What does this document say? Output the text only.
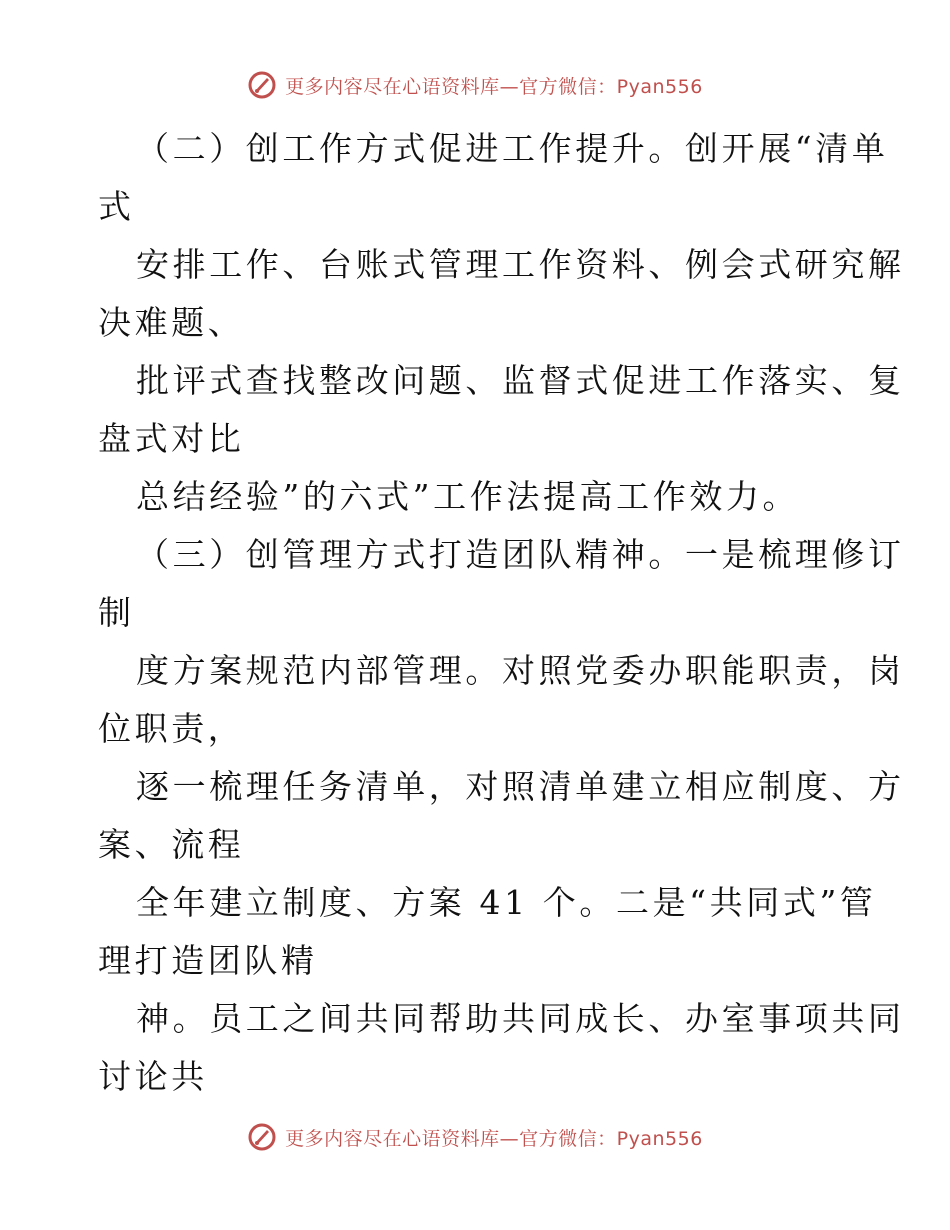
更多内容尽在心语资料库—官方微信：Pyan556
（二）创工作方式促进工作提升。创开展“清单
式
安排工作、台账式管理工作资料、例会式研究解
决难题、
批评式查找整改问题、监督式促进工作落实、复
盘式对比
总结经验”的六式”工作法提高工作效力。
（三）创管理方式打造团队精神。一是梳理修订
制
度方案规范内部管理。对照党委办职能职责，岗
位职责，
逐一梳理任务清单，对照清单建立相应制度、方
案、流程
全年建立制度、方案 41 个。二是“共同式”管
理打造团队精
神。员工之间共同帮助共同成长、办室事项共同
讨论共
更多内容尽在心语资料库—官方微信：Pyan556
